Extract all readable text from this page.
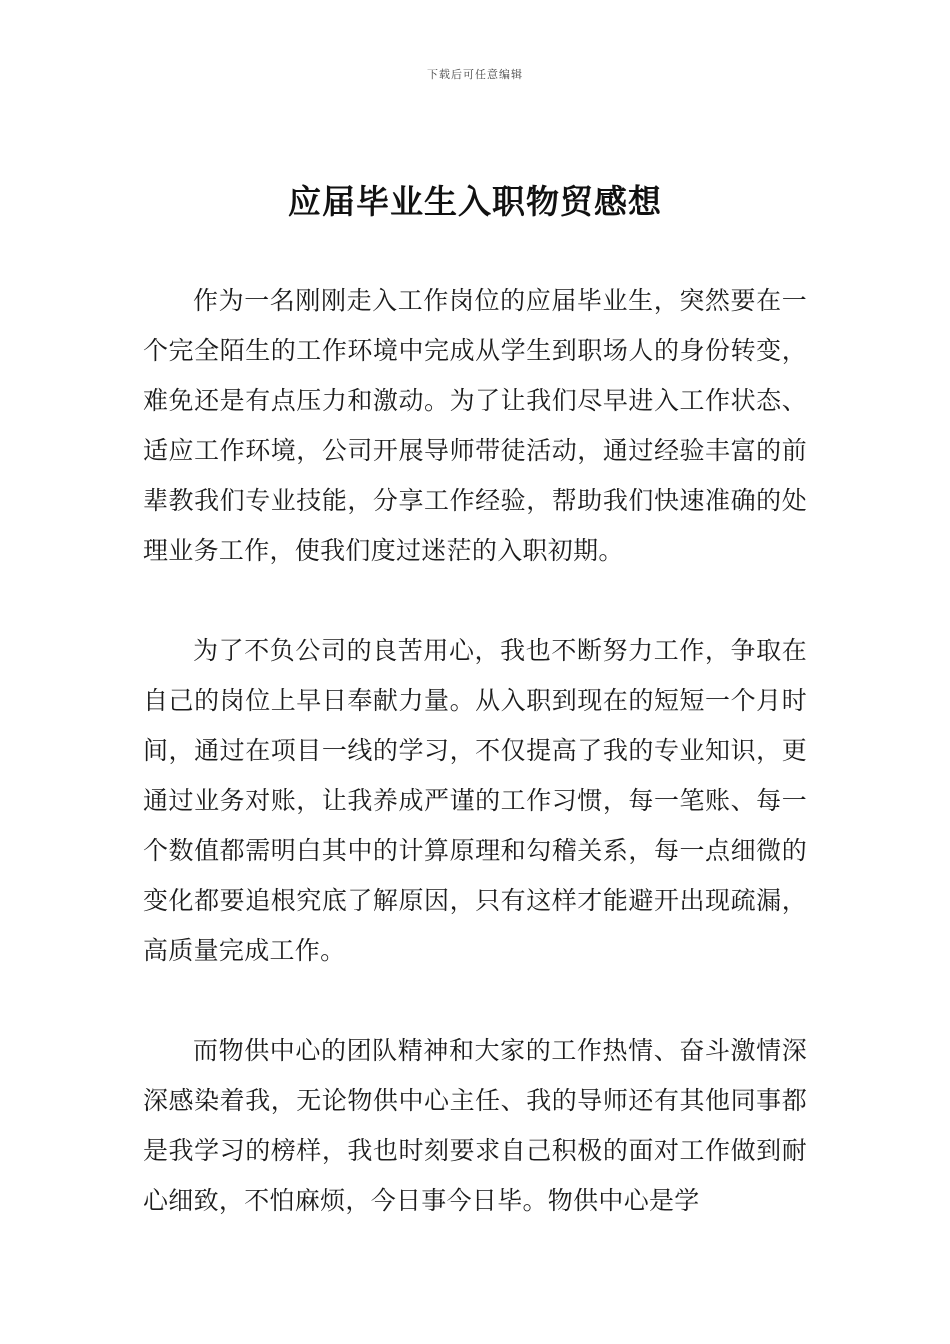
下载后可任意编辑
应届毕业生入职物贸感想

作为一名刚刚走入工作岗位的应届毕业生，突然要在一个完全陌生的工作环境中完成从学生到职场人的身份转变，难免还是有点压力和激动。为了让我们尽早进入工作状态、适应工作环境，公司开展导师带徒活动，通过经验丰富的前辈教我们专业技能，分享工作经验，帮助我们快速准确的处理业务工作，使我们度过迷茫的入职初期。

为了不负公司的良苦用心，我也不断努力工作，争取在自己的岗位上早日奉献力量。从入职到现在的短短一个月时间，通过在项目一线的学习，不仅提高了我的专业知识，更通过业务对账，让我养成严谨的工作习惯，每一笔账、每一个数值都需明白其中的计算原理和勾稽关系，每一点细微的变化都要追根究底了解原因，只有这样才能避开出现疏漏，高质量完成工作。

而物供中心的团队精神和大家的工作热情、奋斗激情深深感染着我，无论物供中心主任、我的导师还有其他同事都是我学习的榜样，我也时刻要求自己积极的面对工作做到耐心细致，不怕麻烦，今日事今日毕。物供中心是学
